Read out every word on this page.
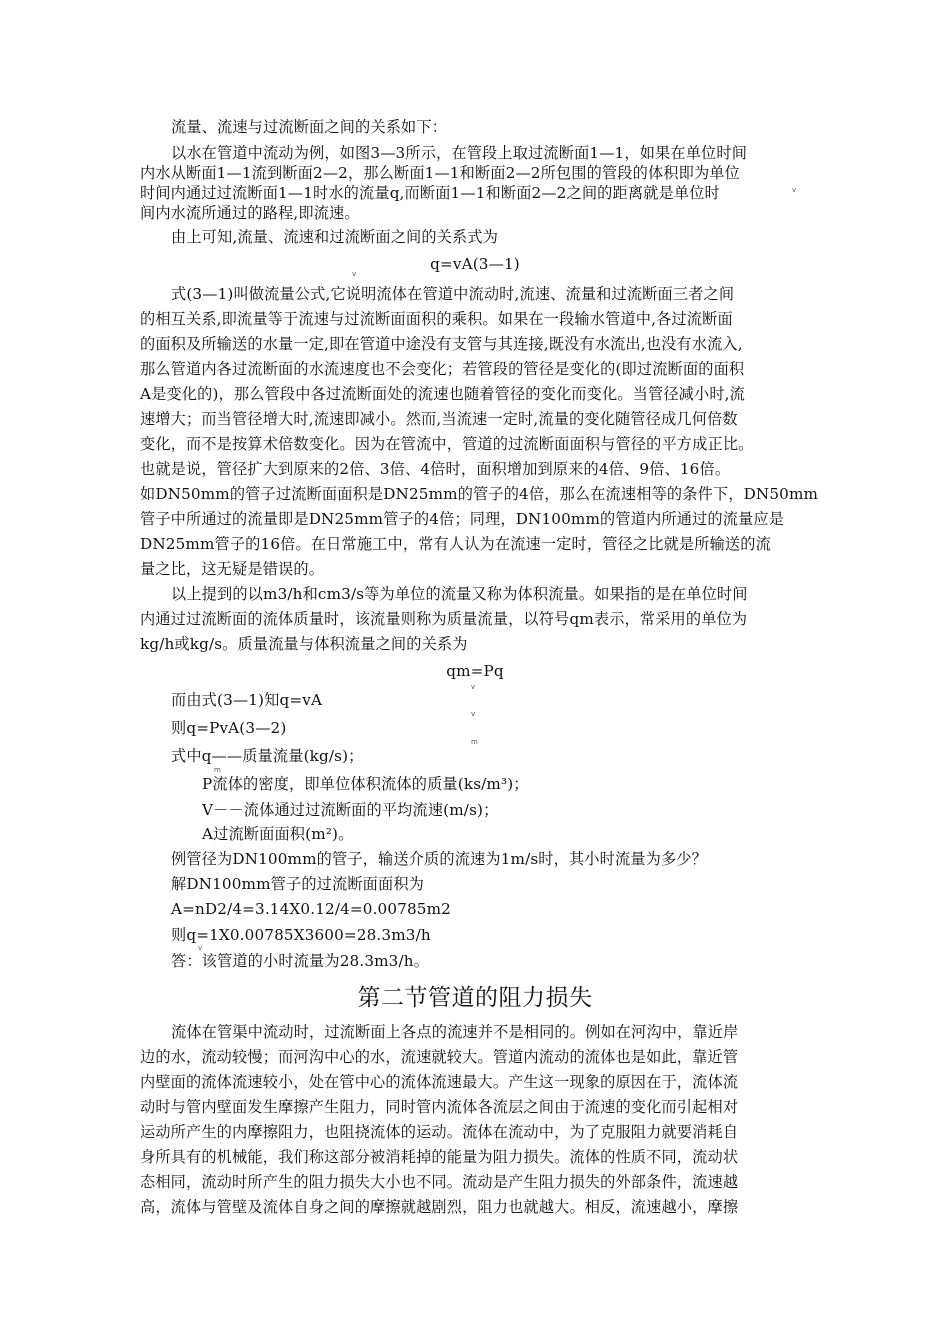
流量、流速与过流断面之间的关系如下：
以水在管道中流动为例，如图3—3所示，在管段上取过流断面1—1，如果在单位时间
内水从断面1—1流到断面2—2，那么断面1—1和断面2—2所包围的管段的体积即为单位
时间内通过过流断面1—1时水的流量q,而断面1—1和断面2—2之间的距离就是单位时
间内水流所通过的路程,即流速。
v
由上可知,流量、流速和过流断面之间的关系式为
q=vA(3—1)
v
式(3—1)叫做流量公式,它说明流体在管道中流动时,流速、流量和过流断面三者之间
的相互关系,即流量等于流速与过流断面面积的乘积。如果在一段输水管道中,各过流断面
的面积及所输送的水量一定,即在管道中途没有支管与其连接,既没有水流出,也没有水流入,
那么管道内各过流断面的水流速度也不会变化；若管段的管径是变化的(即过流断面的面积
A是变化的)，那么管段中各过流断面处的流速也随着管径的变化而变化。当管径减小时,流
速增大；而当管径增大时,流速即减小。然而,当流速一定时,流量的变化随管径成几何倍数
变化，而不是按算术倍数变化。因为在管流中，管道的过流断面面积与管径的平方成正比。
也就是说，管径扩大到原来的2倍、3倍、4倍时，面积增加到原来的4倍、9倍、16倍。
如DN50mm的管子过流断面面积是DN25mm的管子的4倍，那么在流速相等的条件下，DN50mm
管子中所通过的流量即是DN25mm管子的4倍；同理，DN100mm的管道内所通过的流量应是
DN25mm管子的16倍。在日常施工中，常有人认为在流速一定时，管径之比就是所输送的流
量之比，这无疑是错误的。
以上提到的以m3/h和cm3/s等为单位的流量又称为体积流量。如果指的是在单位时间
内通过过流断面的流体质量时，该流量则称为质量流量，以符号qm表示，常采用的单位为
kg/h或kg/s。质量流量与体积流量之间的关系为
qm=Pq
v
而由式(3—1)知q=vA
v
则q=PvA(3—2)
m
式中q——质量流量(kg/s)；
m
P流体的密度，即单位体积流体的质量(ks/m³)；
V－－流体通过过流断面的平均流速(m/s)；
A过流断面面积(m²)。
例管径为DN100mm的管子，输送介质的流速为1m/s时，其小时流量为多少？
解DN100mm管子的过流断面面积为
A=nD2/4=3.14X0.12/4=0.00785m2
则q=1X0.00785X3600=28.3m3/h
v
答：该管道的小时流量为28.3m3/h。
第二节管道的阻力损失
流体在管渠中流动时，过流断面上各点的流速并不是相同的。例如在河沟中，靠近岸
边的水，流动较慢；而河沟中心的水，流速就较大。管道内流动的流体也是如此，靠近管
内壁面的流体流速较小，处在管中心的流体流速最大。产生这一现象的原因在于，流体流
动时与管内壁面发生摩擦产生阻力，同时管内流体各流层之间由于流速的变化而引起相对
运动所产生的内摩擦阻力，也阻挠流体的运动。流体在流动中，为了克服阻力就要消耗自
身所具有的机械能，我们称这部分被消耗掉的能量为阻力损失。流体的性质不同，流动状
态相同，流动时所产生的阻力损失大小也不同。流动是产生阻力损失的外部条件，流速越
高，流体与管壁及流体自身之间的摩擦就越剧烈，阻力也就越大。相反，流速越小，摩擦
